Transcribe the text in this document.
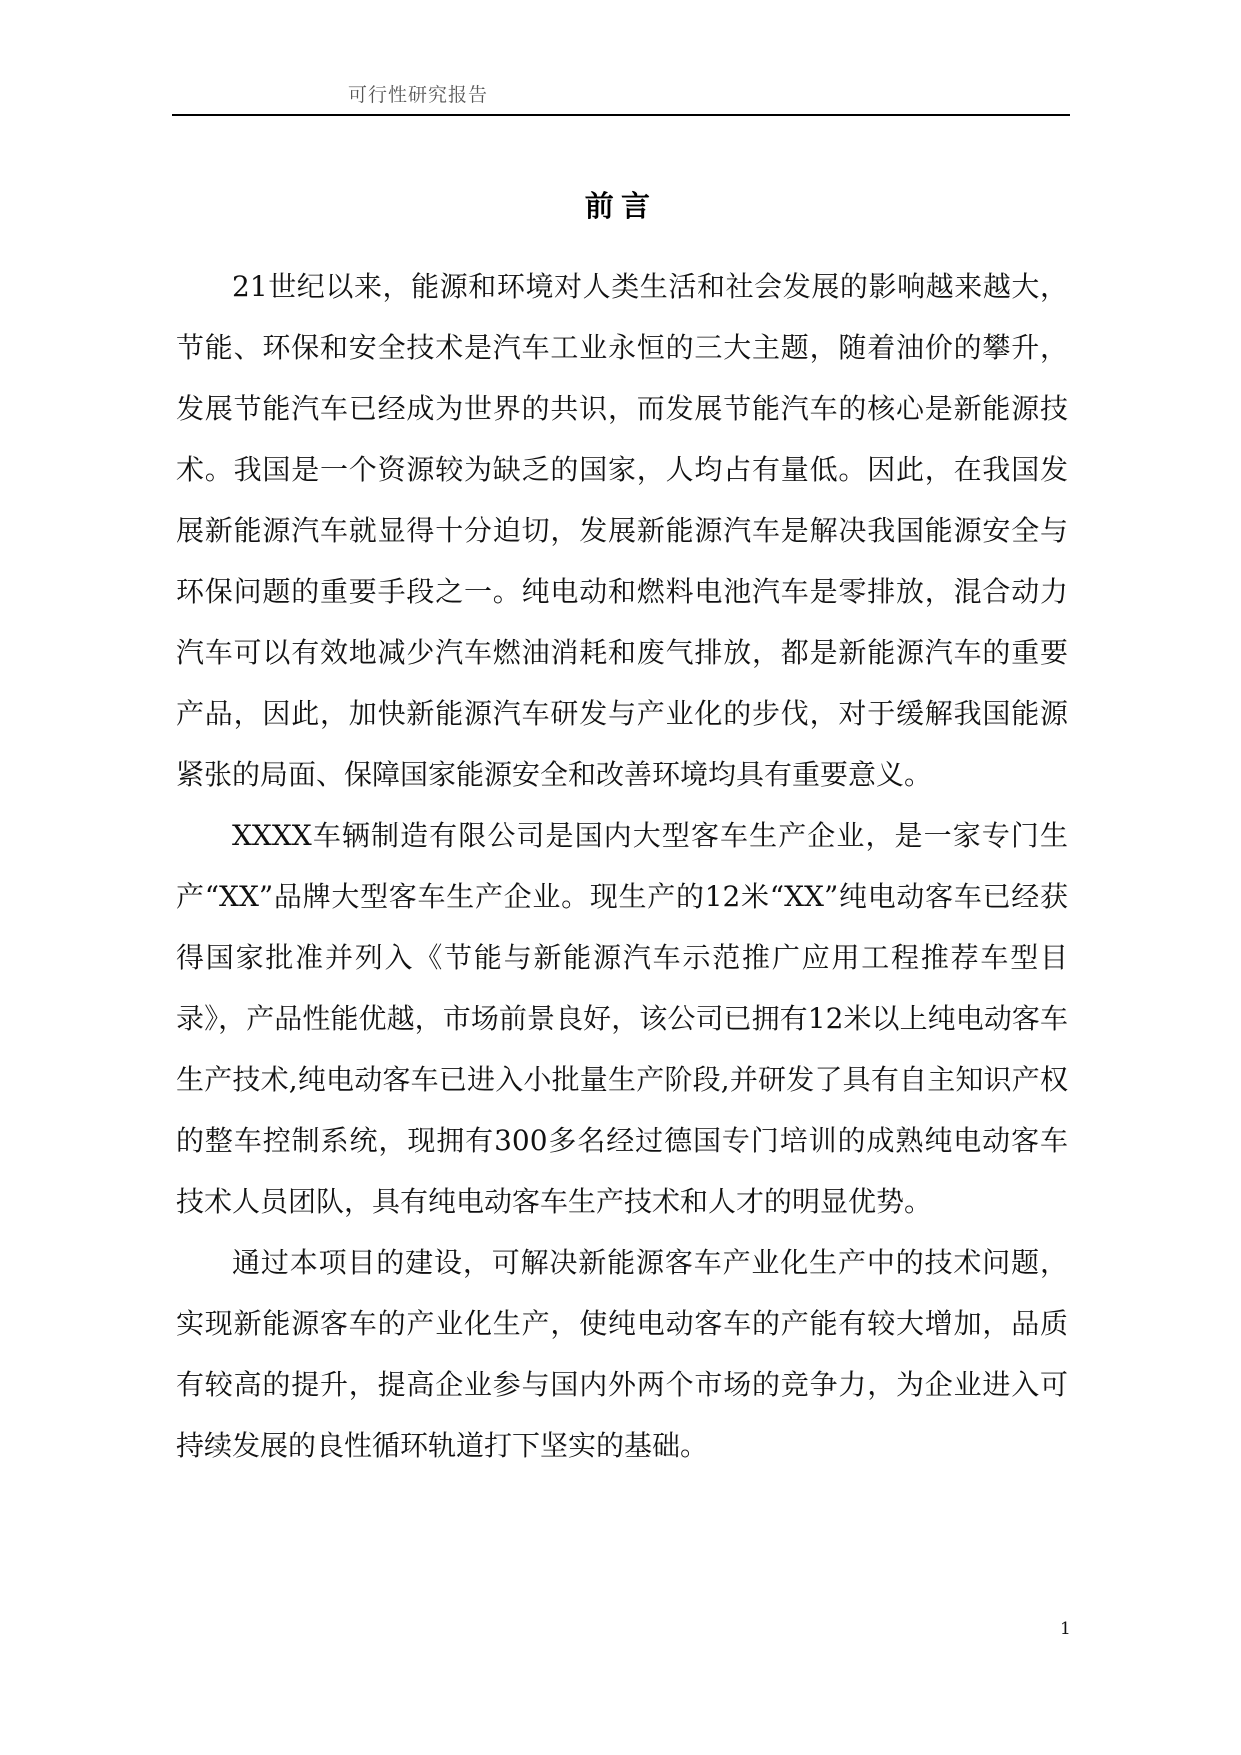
可行性研究报告
前言

21世纪以来，能源和环境对人类生活和社会发展的影响越来越大，节能、环保和安全技术是汽车工业永恒的三大主题，随着油价的攀升，发展节能汽车已经成为世界的共识，而发展节能汽车的核心是新能源技术。我国是一个资源较为缺乏的国家，人均占有量低。因此，在我国发展新能源汽车就显得十分迫切，发展新能源汽车是解决我国能源安全与环保问题的重要手段之一。纯电动和燃料电池汽车是零排放，混合动力汽车可以有效地减少汽车燃油消耗和废气排放，都是新能源汽车的重要产品，因此，加快新能源汽车研发与产业化的步伐，对于缓解我国能源紧张的局面、保障国家能源安全和改善环境均具有重要意义。

XXXX车辆制造有限公司是国内大型客车生产企业，是一家专门生产“XX”品牌大型客车生产企业。现生产的12米“XX”纯电动客车已经获得国家批准并列入《节能与新能源汽车示范推广应用工程推荐车型目录》，产品性能优越，市场前景良好，该公司已拥有12米以上纯电动客车生产技术,纯电动客车已进入小批量生产阶段,并研发了具有自主知识产权的整车控制系统，现拥有300多名经过德国专门培训的成熟纯电动客车技术人员团队，具有纯电动客车生产技术和人才的明显优势。

通过本项目的建设，可解决新能源客车产业化生产中的技术问题，实现新能源客车的产业化生产，使纯电动客车的产能有较大增加，品质有较高的提升，提高企业参与国内外两个市场的竞争力，为企业进入可持续发展的良性循环轨道打下坚实的基础。

1
